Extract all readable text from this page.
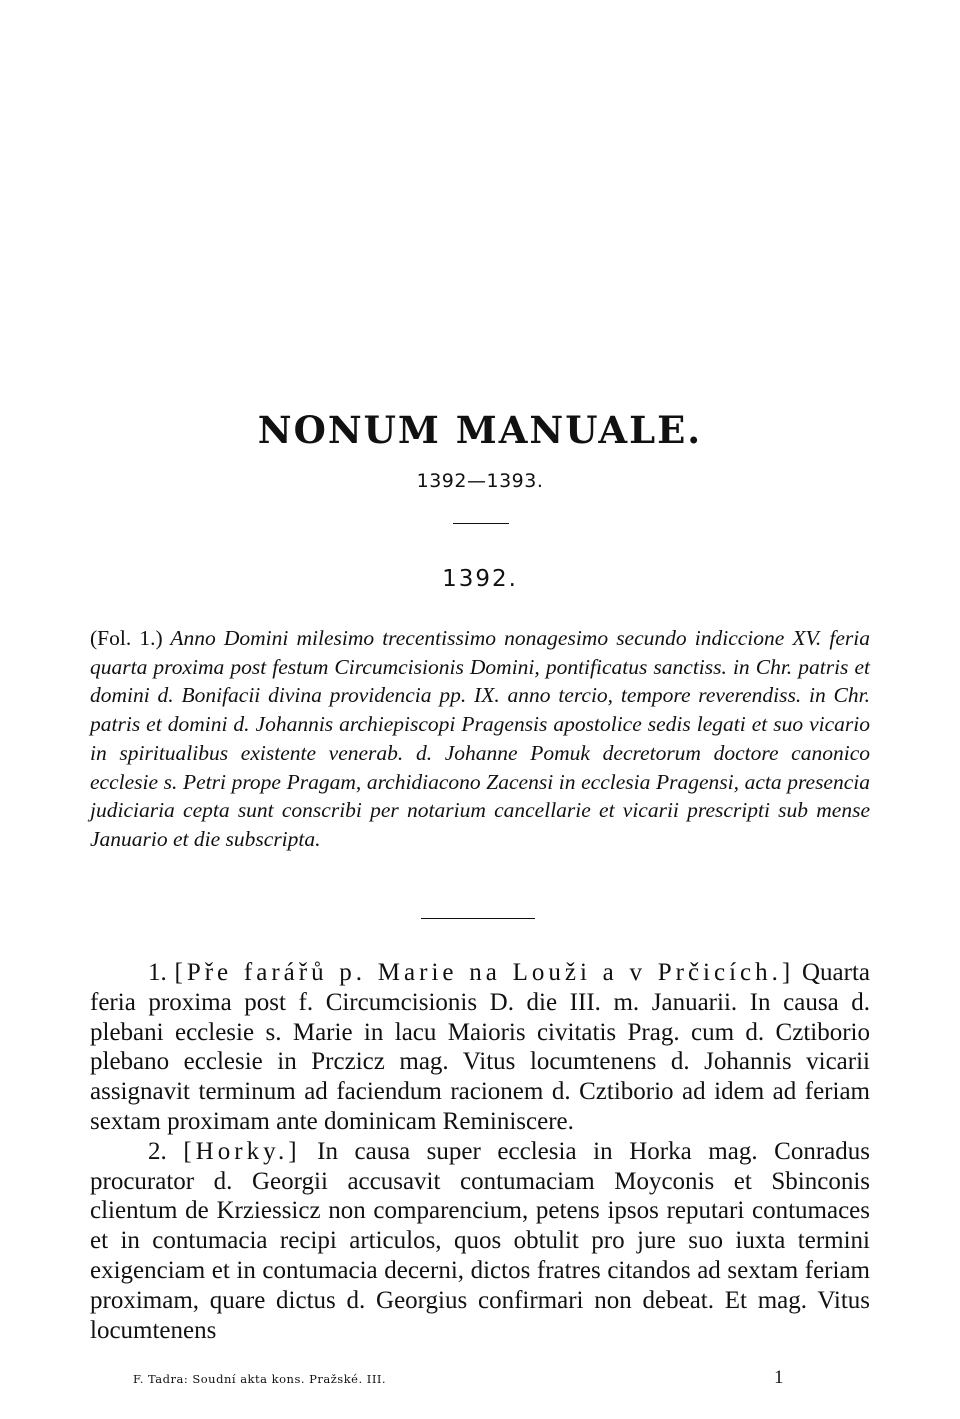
NONUM MANUALE.
1392—1393.
1392.
(Fol. 1.) Anno Domini milesimo trecentissimo nonagesimo secundo indiccione XV. feria quarta proxima post festum Circumcisionis Domini, pontificatus sanctiss. in Chr. patris et domini d. Bonifacii divina providencia pp. IX. anno tercio, tempore reverendiss. in Chr. patris et domini d. Johannis archiepiscopi Pragensis apostolice sedis legati et suo vicario in spiritualibus existente venerab. d. Johanne Pomuk decretorum doctore canonico ecclesie s. Petri prope Pragam, archidiacono Zacensi in ecclesia Pragensi, acta presencia judiciaria cepta sunt conscribi per notarium cancellarie et vicarii prescripti sub mense Januario et die subscripta.

1. [Pře farářů p. Marie na Louži a v Prčicích.] Quarta feria proxima post f. Circumcisionis D. die III. m. Januarii. In causa d. plebani ecclesie s. Marie in lacu Maioris civitatis Prag. cum d. Cztiborio plebano ecclesie in Prczicz mag. Vitus locumtenens d. Johannis vicarii assignavit terminum ad faciendum racionem d. Cztiborio ad idem ad feriam sextam proximam ante dominicam Reminiscere.

2. [Horky.] In causa super ecclesia in Horka mag. Conradus procurator d. Georgii accusavit contumaciam Moyconis et Sbinconis clientum de Krziessicz non comparencium, petens ipsos reputari contumaces et in contumacia recipi articulos, quos obtulit pro jure suo iuxta termini exigenciam et in contumacia decerni, dictos fratres citandos ad sextam feriam proximam, quare dictus d. Georgius confirmari non debeat. Et mag. Vitus locumtenens

F. Tadra: Soudní akta kons. Pražské. III.	1
